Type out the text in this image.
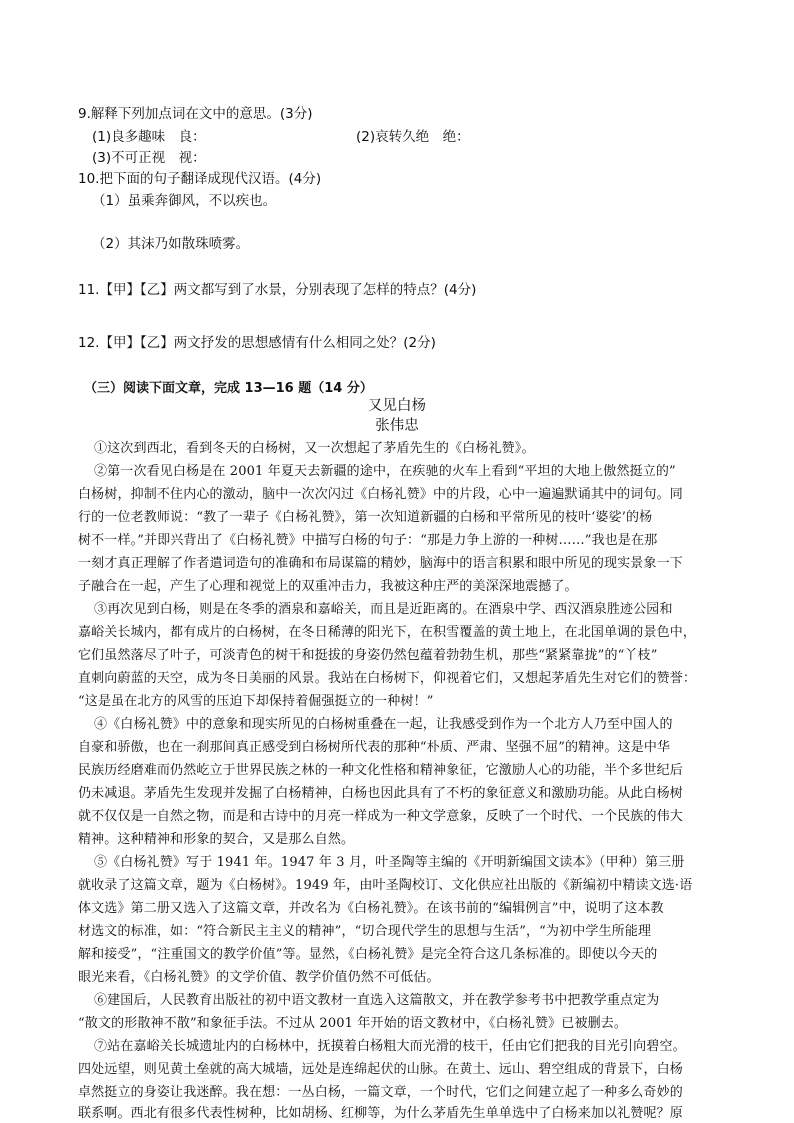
9.解释下列加点词在文中的意思。(3分)
(1)良多趣味　良：	(2)哀转久绝　绝：
(3)不可正视　视：
10.把下面的句子翻译成现代汉语。(4分)
（1）虽乘奔御风，不以疾也。
（2）其沫乃如散珠喷雾。
11.【甲】【乙】两文都写到了水景，分别表现了怎样的特点？(4分)
12.【甲】【乙】两文抒发的思想感情有什么相同之处？(2分)
（三）阅读下面文章，完成 13—16 题（14 分）
又见白杨
张伟忠
①这次到西北，看到冬天的白杨树，又一次想起了茅盾先生的《白杨礼赞》。
②第一次看见白杨是在 2001 年夏天去新疆的途中，在疾驰的火车上看到“平坦的大地上傲然挺立的”
白杨树，抑制不住内心的激动，脑中一次次闪过《白杨礼赞》中的片段，心中一遍遍默诵其中的词句。同
行的一位老教师说：“教了一辈子《白杨礼赞》，第一次知道新疆的白杨和平常所见的枝叶‘婆娑’的杨
树不一样。”并即兴背出了《白杨礼赞》中描写白杨的句子：“那是力争上游的一种树……”我也是在那
一刻才真正理解了作者遣词造句的准确和布局谋篇的精妙，脑海中的语言积累和眼中所见的现实景象一下
子融合在一起，产生了心理和视觉上的双重冲击力，我被这种庄严的美深深地震撼了。
③再次见到白杨，则是在冬季的酒泉和嘉峪关，而且是近距离的。在酒泉中学、西汉酒泉胜迹公园和
嘉峪关长城内，都有成片的白杨树，在冬日稀薄的阳光下，在积雪覆盖的黄土地上，在北国单调的景色中，
它们虽然落尽了叶子，可淡青色的树干和挺拔的身姿仍然包蕴着勃勃生机，那些“紧紧靠拢”的“丫枝”
直刺向蔚蓝的天空，成为冬日美丽的风景。我站在白杨树下，仰视着它们，又想起茅盾先生对它们的赞誉：
“这是虽在北方的风雪的压迫下却保持着倔强挺立的一种树！”
④《白杨礼赞》中的意象和现实所见的白杨树重叠在一起，让我感受到作为一个北方人乃至中国人的
自豪和骄傲，也在一刹那间真正感受到白杨树所代表的那种“朴质、严肃、坚强不屈”的精神。这是中华
民族历经磨难而仍然屹立于世界民族之林的一种文化性格和精神象征，它激励人心的功能，半个多世纪后
仍未减退。茅盾先生发现并发掘了白杨精神，白杨也因此具有了不朽的象征意义和激励功能。从此白杨树
就不仅仅是一自然之物，而是和古诗中的月亮一样成为一种文学意象，反映了一个时代、一个民族的伟大
精神。这种精神和形象的契合，又是那么自然。
⑤《白杨礼赞》写于 1941 年。1947 年 3 月，叶圣陶等主编的《开明新编国文读本》（甲种）第三册
就收录了这篇文章，题为《白杨树》。1949 年，由叶圣陶校订、文化供应社出版的《新编初中精读文选·语
体文选》第二册又选入了这篇文章，并改名为《白杨礼赞》。在该书前的“编辑例言”中，说明了这本教
材选文的标准，如：“符合新民主主义的精神”，“切合现代学生的思想与生活”，“为初中学生所能理
解和接受”，“注重国文的教学价值”等。显然，《白杨礼赞》是完全符合这几条标准的。即使以今天的
眼光来看，《白杨礼赞》的文学价值、教学价值仍然不可低估。
⑥建国后，人民教育出版社的初中语文教材一直选入这篇散文，并在教学参考书中把教学重点定为
“散文的形散神不散”和象征手法。不过从 2001 年开始的语文教材中，《白杨礼赞》已被删去。
⑦站在嘉峪关长城遗址内的白杨林中，抚摸着白杨粗大而光滑的枝干，任由它们把我的目光引向碧空。
四处远望，则见黄土垒就的高大城墙，远处是连绵起伏的山脉。在黄土、远山、碧空组成的背景下，白杨
卓然挺立的身姿让我迷醉。我在想：一丛白杨，一篇文章，一个时代，它们之间建立起了一种多么奇妙的
联系啊。西北有很多代表性树种，比如胡杨、红柳等，为什么茅盾先生单单选中了白杨来加以礼赞呢？原
